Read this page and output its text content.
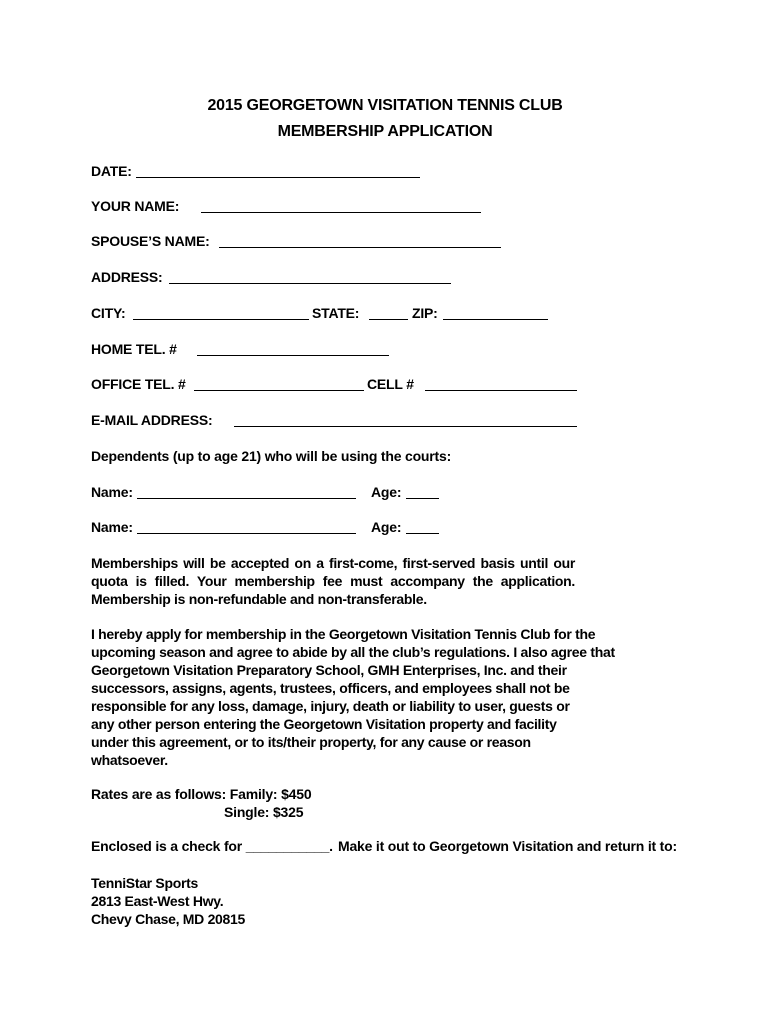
2015 GEORGETOWN VISITATION TENNIS CLUB
MEMBERSHIP APPLICATION
DATE:
YOUR NAME:
SPOUSE’S NAME:
ADDRESS:
CITY:	STATE:	ZIP:
HOME TEL. #
OFFICE TEL. #	CELL #
E-MAIL ADDRESS:
Dependents (up to age 21) who will be using the courts:
Name:	Age:
Name:	Age:
Memberships will be accepted on a first-come, first-served basis until our
quota is filled. Your membership fee must accompany the application.
Membership is non-refundable and non-transferable.
I hereby apply for membership in the Georgetown Visitation Tennis Club for the
upcoming season and agree to abide by all the club’s regulations. I also agree that
Georgetown Visitation Preparatory School, GMH Enterprises, Inc. and their
successors, assigns, agents, trustees, officers, and employees shall not be
responsible for any loss, damage, injury, death or liability to user, guests or
any other person entering the Georgetown Visitation property and facility
under this agreement, or to its/their property, for any cause or reason
whatsoever.
Rates are as follows: Family: $450
Single: $325
Enclosed is a check for ___________. Make it out to Georgetown Visitation and return it to:
TenniStar Sports
2813 East-West Hwy.
Chevy Chase, MD 20815
